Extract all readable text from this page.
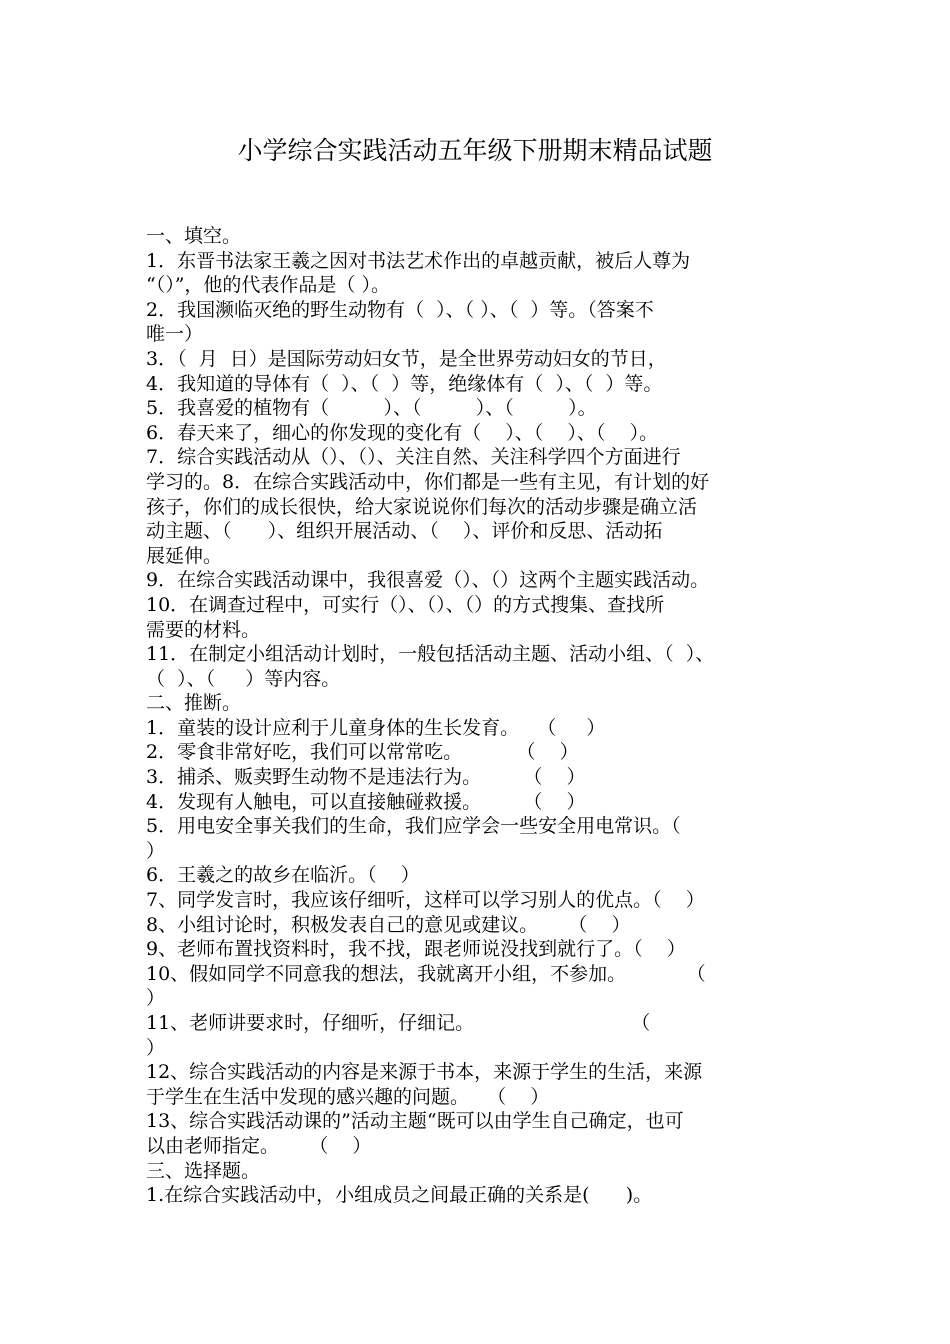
小学综合实践活动五年级下册期末精品试题
一、填空。
1．东晋书法家王羲之因对书法艺术作出的卓越贡献，被后人尊为
“（）”，他的代表作品是（ ）。
2．我国濒临灭绝的野生动物有（  ）、（ ）、（  ）等。（答案不
唯一）
3．（  月  日）是国际劳动妇女节，是全世界劳动妇女的节日，
4．我知道的导体有（  ）、（  ）等，绝缘体有（  ）、（  ）等。
5．我喜爱的植物有（         ）、（         ）、（         ）。
6．春天来了，细心的你发现的变化有（    ）、（    ）、（    ）。
7．综合实践活动从（）、（）、关注自然、关注科学四个方面进行
学习的。8．在综合实践活动中，你们都是一些有主见，有计划的好
孩子，你们的成长很快，给大家说说你们每次的活动步骤是确立活
动主题、（      ）、组织开展活动、（    ）、评价和反思、活动拓
展延伸。
9．在综合实践活动课中，我很喜爱（）、（）这两个主题实践活动。
10．在调查过程中，可实行（）、（）、（）的方式搜集、查找所
需要的材料。
11．在制定小组活动计划时，一般包括活动主题、活动小组、（  ）、
（  ）、（     ）等内容。
二、推断。
1．童装的设计应利于儿童身体的生长发育。   （     ）
2．零食非常好吃，我们可以常常吃。         （    ）
3．捕杀、贩卖野生动物不是违法行为。       （    ）
4．发现有人触电，可以直接触碰救援。       （    ）
5．用电安全事关我们的生命，我们应学会一些安全用电常识。（
）
6．王羲之的故乡在临沂。（    ）
7、同学发言时，我应该仔细听，这样可以学习别人的优点。（    ）
8、小组讨论时，积极发表自己的意见或建议。     （    ）
9、老师布置找资料时，我不找，跟老师说没找到就行了。（    ）
10、假如同学不同意我的想法，我就离开小组，不参加。          （
）
11、老师讲要求时，仔细听，仔细记。                          （
）
12、综合实践活动的内容是来源于书本，来源于学生的生活，来源
于学生在生活中发现的感兴趣的问题。   （    ）
13、综合实践活动课的”活动主题“既可以由学生自己确定，也可
以由老师指定。     （    ）
三、选择题。
1.在综合实践活动中，小组成员之间最正确的关系是(      )。
